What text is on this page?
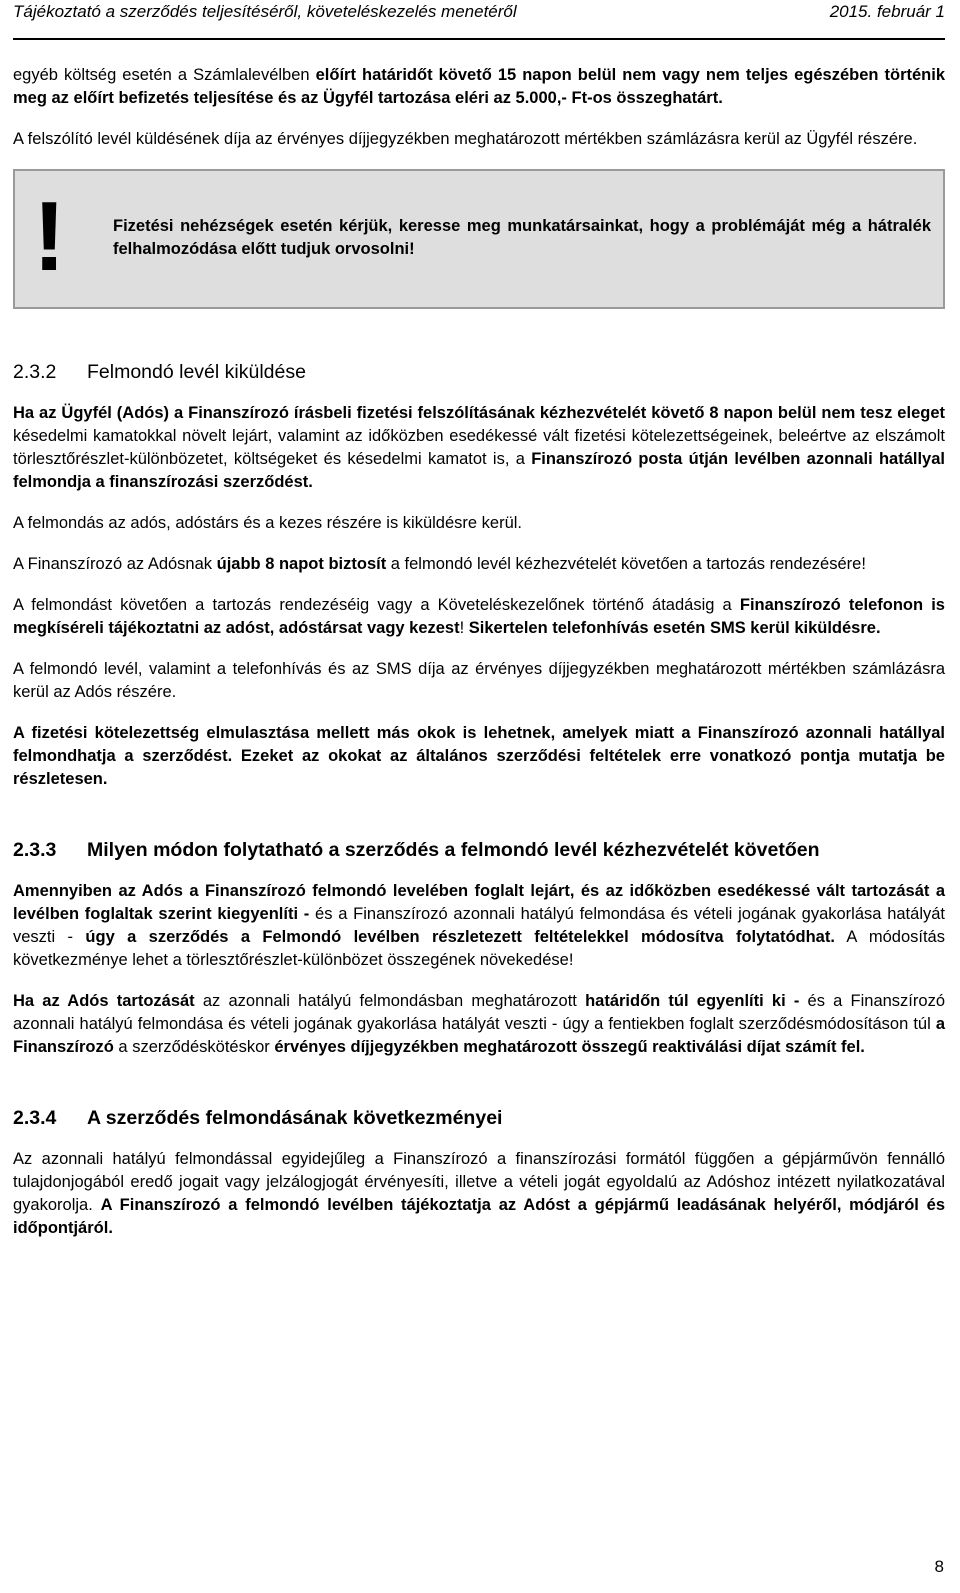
Tájékoztató a szerződés teljesítéséről, követeléskezelés menetéről	2015. február 1

egyéb költség esetén a Számlalevélben előírt határidőt követő 15 napon belül nem vagy nem teljes egészében történik meg az előírt befizetés teljesítése és az Ügyfél tartozása eléri az 5.000,- Ft-os összeghatárt.

A felszólító levél küldésének díja az érvényes díjjegyzékben meghatározott mértékben számlázásra kerül az Ügyfél részére.

!	Fizetési nehézségek esetén kérjük, keresse meg munkatársainkat, hogy a problémáját még a hátralék felhalmozódása előtt tudjuk orvosolni!
2.3.2 Felmondó levél kiküldése

Ha az Ügyfél (Adós) a Finanszírozó írásbeli fizetési felszólításának kézhezvételét követő 8 napon belül nem tesz eleget késedelmi kamatokkal növelt lejárt, valamint az időközben esedékessé vált fizetési kötelezettségeinek, beleértve az elszámolt törlesztőrészlet-különbözetet, költségeket és késedelmi kamatot is, a Finanszírozó posta útján levélben azonnali hatállyal felmondja a finanszírozási szerződést.

A felmondás az adós, adóstárs és a kezes részére is kiküldésre kerül.

A Finanszírozó az Adósnak újabb 8 napot biztosít a felmondó levél kézhezvételét követően a tartozás rendezésére!

A felmondást követően a tartozás rendezéséig vagy a Követeléskezelőnek történő átadásig a Finanszírozó telefonon is megkíséreli tájékoztatni az adóst, adóstársat vagy kezest! Sikertelen telefonhívás esetén SMS kerül kiküldésre.

A felmondó levél, valamint a telefonhívás és az SMS díja az érvényes díjjegyzékben meghatározott mértékben számlázásra kerül az Adós részére.

A fizetési kötelezettség elmulasztása mellett más okok is lehetnek, amelyek miatt a Finanszírozó azonnali hatállyal felmondhatja a szerződést. Ezeket az okokat az általános szerződési feltételek erre vonatkozó pontja mutatja be részletesen.

2.3.3 Milyen módon folytatható a szerződés a felmondó levél kézhezvételét követően

Amennyiben az Adós a Finanszírozó felmondó levelében foglalt lejárt, és az időközben esedékessé vált tartozását a levélben foglaltak szerint kiegyenlíti - és a Finanszírozó azonnali hatályú felmondása és vételi jogának gyakorlása hatályát veszti - úgy a szerződés a Felmondó levélben részletezett feltételekkel módosítva folytatódhat. A módosítás következménye lehet a törlesztőrészlet-különbözet összegének növekedése!

Ha az Adós tartozását az azonnali hatályú felmondásban meghatározott határidőn túl egyenlíti ki - és a Finanszírozó azonnali hatályú felmondása és vételi jogának gyakorlása hatályát veszti - úgy a fentiekben foglalt szerződésmódosításon túl a Finanszírozó a szerződéskötéskor érvényes díjjegyzékben meghatározott összegű reaktiválási díjat számít fel.

2.3.4 A szerződés felmondásának következményei

Az azonnali hatályú felmondással egyidejűleg a Finanszírozó a finanszírozási formától függően a gépjárművön fennálló tulajdonjogából eredő jogait vagy jelzálogjogát érvényesíti, illetve a vételi jogát egyoldalú az Adóshoz intézett nyilatkozatával gyakorolja. A Finanszírozó a felmondó levélben tájékoztatja az Adóst a gépjármű leadásának helyéről, módjáról és időpontjáról.

8
